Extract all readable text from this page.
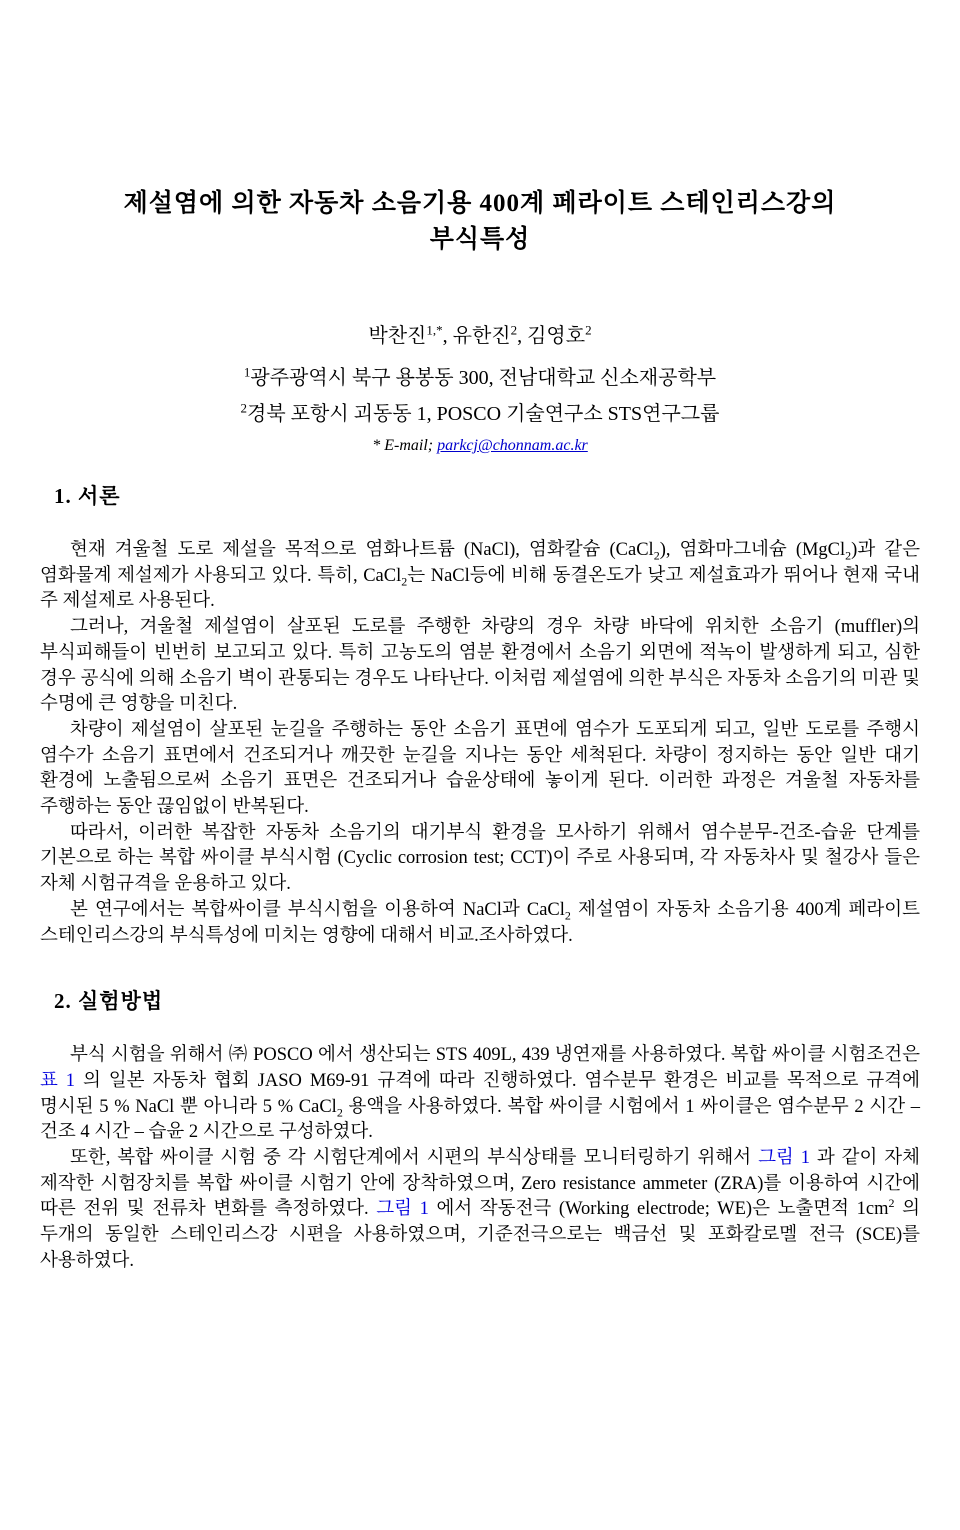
제설염에 의한 자동차 소음기용 400계 페라이트 스테인리스강의
부식특성
박찬진$^{1,*}$, 유한진$^2$, 김영호$^2$
$^1$광주광역시 북구 용봉동 300, 전남대학교 신소재공학부
$^2$경북 포항시 괴동동 1, POSCO 기술연구소 STS연구그룹
* E-mail; parkcj@chonnam.ac.kr
1. 서론

현재 겨울철 도로 제설을 목적으로 염화나트륨 (NaCl), 염화칼슘 (CaCl$_2$), 염화마그네슘 (MgCl$_2$)과 같은 염화물계 제설제가 사용되고 있다. 특히, CaCl$_2$는 NaCl등에 비해 동결온도가 낮고 제설효과가 뛰어나 현재 국내 주 제설제로 사용된다.

그러나, 겨울철 제설염이 살포된 도로를 주행한 차량의 경우 차량 바닥에 위치한 소음기 (muffler)의 부식피해들이 빈번히 보고되고 있다. 특히 고농도의 염분 환경에서 소음기 외면에 적녹이 발생하게 되고, 심한 경우 공식에 의해 소음기 벽이 관통되는 경우도 나타난다. 이처럼 제설염에 의한 부식은 자동차 소음기의 미관 및 수명에 큰 영향을 미친다.

차량이 제설염이 살포된 눈길을 주행하는 동안 소음기 표면에 염수가 도포되게 되고, 일반 도로를 주행시 염수가 소음기 표면에서 건조되거나 깨끗한 눈길을 지나는 동안 세척된다. 차량이 정지하는 동안 일반 대기 환경에 노출됨으로써 소음기 표면은 건조되거나 습윤상태에 놓이게 된다. 이러한 과정은 겨울철 자동차를 주행하는 동안 끊임없이 반복된다.

따라서, 이러한 복잡한 자동차 소음기의 대기부식 환경을 모사하기 위해서 염수분무-건조-습윤 단계를 기본으로 하는 복합 싸이클 부식시험 (Cyclic corrosion test; CCT)이 주로 사용되며, 각 자동차사 및 철강사 들은 자체 시험규격을 운용하고 있다.

본 연구에서는 복합싸이클 부식시험을 이용하여 NaCl과 CaCl$_2$ 제설염이 자동차 소음기용 400계 페라이트 스테인리스강의 부식특성에 미치는 영향에 대해서 비교.조사하였다.

2. 실험방법

부식 시험을 위해서 ㈜ POSCO 에서 생산되는 STS 409L, 439 냉연재를 사용하였다. 복합 싸이클 시험조건은 표 1 의 일본 자동차 협회 JASO M69-91 규격에 따라 진행하였다. 염수분무 환경은 비교를 목적으로 규격에 명시된 5 % NaCl 뿐 아니라 5 % CaCl$_2$ 용액을 사용하였다. 복합 싸이클 시험에서 1 싸이클은 염수분무 2 시간 – 건조 4 시간 – 습윤 2 시간으로 구성하였다.

또한, 복합 싸이클 시험 중 각 시험단계에서 시편의 부식상태를 모니터링하기 위해서 그림 1 과 같이 자체 제작한 시험장치를 복합 싸이클 시험기 안에 장착하였으며, Zero resistance ammeter (ZRA)를 이용하여 시간에 따른 전위 및 전류차 변화를 측정하였다. 그림 1 에서 작동전극 (Working electrode; WE)은 노출면적 $1cm^2$ 의 두개의 동일한 스테인리스강 시편을 사용하였으며, 기준전극으로는 백금선 및 포화칼로멜 전극 (SCE)를 사용하였다.
